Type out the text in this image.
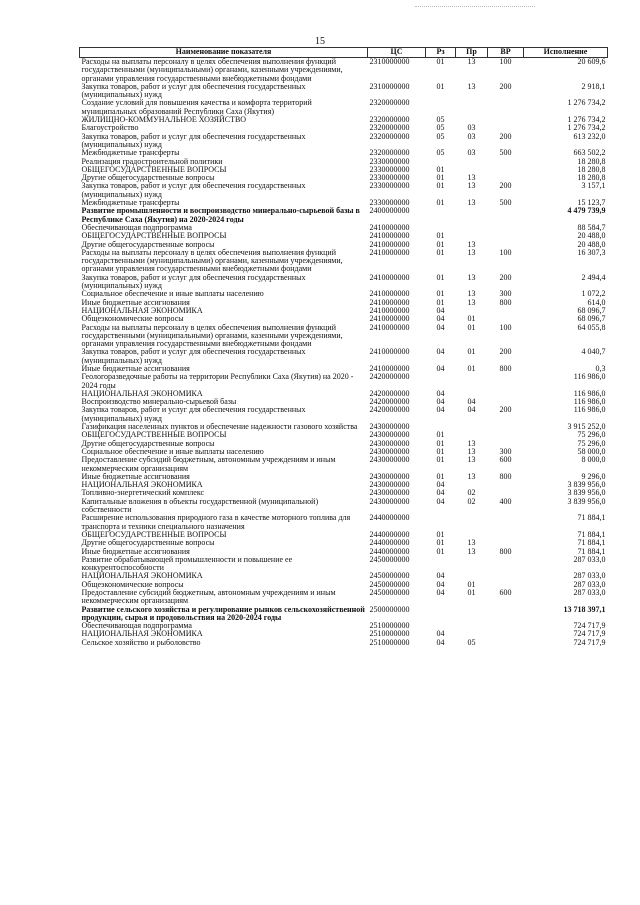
15
Наименование показателя	ЦС	Рз	Пр	ВР	Исполнение
Расходы на выплаты персоналу в целях обеспечения выполнения функций государственными (муниципальными) органами, казенными учреждениями, органами управления государственными внебюджетными фондами	2310000000	01	13	100	20 609,6
Закупка товаров, работ и услуг для обеспечения государственных (муниципальных) нужд	2310000000	01	13	200	2 918,1
Создание условий для повышения качества и комфорта территорий муниципальных образований Республики Саха (Якутия)	2320000000				1 276 734,2
ЖИЛИЩНО-КОММУНАЛЬНОЕ ХОЗЯЙСТВО	2320000000	05			1 276 734,2
Благоустройство	2320000000	05	03		1 276 734,2
Закупка товаров, работ и услуг для обеспечения государственных (муниципальных) нужд	2320000000	05	03	200	613 232,0
Межбюджетные трансферты	2320000000	05	03	500	663 502,2
Реализация градостроительной политики	2330000000				18 280,8
ОБЩЕГОСУДАРСТВЕННЫЕ ВОПРОСЫ	2330000000	01			18 280,8
Другие общегосударственные вопросы	2330000000	01	13		18 280,8
Закупка товаров, работ и услуг для обеспечения государственных (муниципальных) нужд	2330000000	01	13	200	3 157,1
Межбюджетные трансферты	2330000000	01	13	500	15 123,7
Развитие промышленности и воспроизводство минерально-сырьевой базы в Республике Саха (Якутия) на 2020-2024 годы	2400000000				4 479 739,9
Обеспечивающая подпрограмма	2410000000				88 584,7
ОБЩЕГОСУДАРСТВЕННЫЕ ВОПРОСЫ	2410000000	01			20 488,0
Другие общегосударственные вопросы	2410000000	01	13		20 488,0
Расходы на выплаты персоналу в целях обеспечения выполнения функций государственными (муниципальными) органами, казенными учреждениями, органами управления государственными внебюджетными фондами	2410000000	01	13	100	16 307,3
Закупка товаров, работ и услуг для обеспечения государственных (муниципальных) нужд	2410000000	01	13	200	2 494,4
Социальное обеспечение и иные выплаты населению	2410000000	01	13	300	1 072,2
Иные бюджетные ассигнования	2410000000	01	13	800	614,0
НАЦИОНАЛЬНАЯ ЭКОНОМИКА	2410000000	04			68 096,7
Общеэкономические вопросы	2410000000	04	01		68 096,7
Расходы на выплаты персоналу в целях обеспечения выполнения функций государственными (муниципальными) органами, казенными учреждениями, органами управления государственными внебюджетными фондами	2410000000	04	01	100	64 055,8
Закупка товаров, работ и услуг для обеспечения государственных (муниципальных) нужд	2410000000	04	01	200	4 040,7
Иные бюджетные ассигнования	2410000000	04	01	800	0,3
Геологоразведочные работы на территории Республики Саха (Якутия) на 2020 - 2024 годы	2420000000				116 986,0
НАЦИОНАЛЬНАЯ ЭКОНОМИКА	2420000000	04			116 986,0
Воспроизводство минерально-сырьевой базы	2420000000	04	04		116 986,0
Закупка товаров, работ и услуг для обеспечения государственных (муниципальных) нужд	2420000000	04	04	200	116 986,0
Газификация населенных пунктов и обеспечение надежности газового хозяйства	2430000000				3 915 252,0
ОБЩЕГОСУДАРСТВЕННЫЕ ВОПРОСЫ	2430000000	01			75 296,0
Другие общегосударственные вопросы	2430000000	01	13		75 296,0
Социальное обеспечение и иные выплаты населению	2430000000	01	13	300	58 000,0
Предоставление субсидий бюджетным, автономным учреждениям и иным некоммерческим организациям	2430000000	01	13	600	8 000,0
Иные бюджетные ассигнования	2430000000	01	13	800	9 296,0
НАЦИОНАЛЬНАЯ ЭКОНОМИКА	2430000000	04			3 839 956,0
Топливно-энергетический комплекс	2430000000	04	02		3 839 956,0
Капитальные вложения в объекты государственной (муниципальной) собственности	2430000000	04	02	400	3 839 956,0
Расширение использования природного газа в качестве моторного топлива для транспорта и техники специального назначения	2440000000				71 884,1
ОБЩЕГОСУДАРСТВЕННЫЕ ВОПРОСЫ	2440000000	01			71 884,1
Другие общегосударственные вопросы	2440000000	01	13		71 884,1
Иные бюджетные ассигнования	2440000000	01	13	800	71 884,1
Развитие обрабатывающей промышленности и повышение ее конкурентоспособности	2450000000				287 033,0
НАЦИОНАЛЬНАЯ ЭКОНОМИКА	2450000000	04			287 033,0
Общеэкономические вопросы	2450000000	04	01		287 033,0
Предоставление субсидий бюджетным, автономным учреждениям и иным некоммерческим организациям	2450000000	04	01	600	287 033,0
Развитие сельского хозяйства и регулирование рынков сельскохозяйственной продукции, сырья и продовольствия на 2020-2024 годы	2500000000				13 718 397,1
Обеспечивающая подпрограмма	2510000000				724 717,9
НАЦИОНАЛЬНАЯ ЭКОНОМИКА	2510000000	04			724 717,9
Сельское хозяйство и рыболовство	2510000000	04	05		724 717,9
